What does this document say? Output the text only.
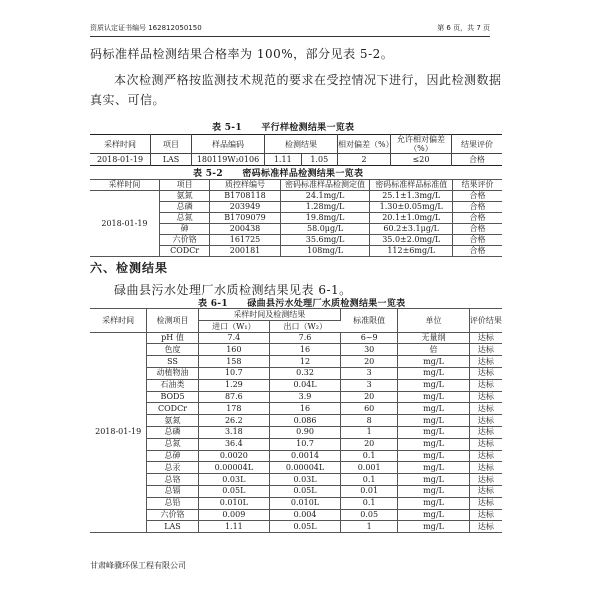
资质认定证书编号 162812050150	第 6 页，共 7 页
码标准样品检测结果合格率为 100%，部分见表 5-2。
本次检测严格按监测技术规范的要求在受控情况下进行，因此检测数据真实、可信。
表 5-1 平行样检测结果一览表
采样时间	项目	样品编码	检测结果		相对偏差（%）	允许相对偏差（%）	结果评价
2018-01-19	LAS	180119W₂0106	1.11	1.05	2	≤20	合格
表 5-2 密码标准样品检测结果一览表
采样时间	项目	质控样编号	密码标准样品检测定值	密码标准样品标准值	结果评价
2018-01-19	氨氮	B1708118	24.1mg/L	25.1±1.3mg/L	合格
	总磷	203949	1.28mg/L	1.30±0.05mg/L	合格
	总氮	B1709079	19.8mg/L	20.1±1.0mg/L	合格
	砷	200438	58.0μg/L	60.2±3.1μg/L	合格
	六价铬	161725	35.6mg/L	35.0±2.0mg/L	合格
	CODCr	200181	108mg/L	112±6mg/L	合格
六、检测结果
碌曲县污水处理厂水质检测结果见表 6-1。
表 6-1 碌曲县污水处理厂水质检测结果一览表
采样时间	检测项目	采样时间及检测结果		标准限值	单位	评价结果
		进口（W₁）	出口（W₂）			
2018-01-19	pH 值	7.4	7.6	6~9	无量纲	达标
	色度	160	16	30	倍	达标
	SS	158	12	20	mg/L	达标
	动植物油	10.7	0.32	3	mg/L	达标
	石油类	1.29	0.04L	3	mg/L	达标
	BOD5	87.6	3.9	20	mg/L	达标
	CODCr	178	16	60	mg/L	达标
	氨氮	26.2	0.086	8	mg/L	达标
	总磷	3.18	0.90	1	mg/L	达标
	总氮	36.4	10.7	20	mg/L	达标
	总砷	0.0020	0.0014	0.1	mg/L	达标
	总汞	0.00004L	0.00004L	0.001	mg/L	达标
	总铬	0.03L	0.03L	0.1	mg/L	达标
	总镉	0.05L	0.05L	0.01	mg/L	达标
	总铅	0.010L	0.010L	0.1	mg/L	达标
	六价铬	0.009	0.004	0.05	mg/L	达标
	LAS	1.11	0.05L	1	mg/L	达标
甘肃峰骥环保工程有限公司
